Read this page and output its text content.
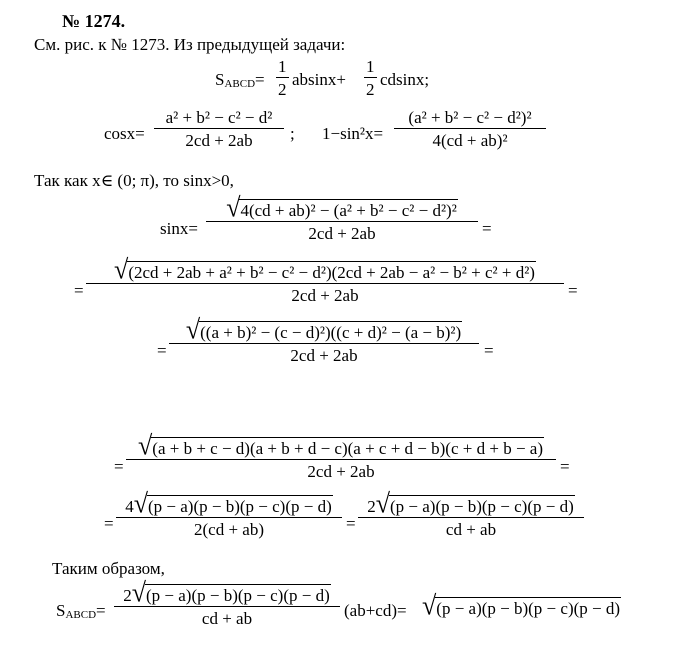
№ 1274.
См. рис. к № 1273. Из предыдущей задачи:
$S_{ABCD}=$
1
2
absinx+
1
2
cdsinx;
cosx=
a² + b² − c² − d²
2cd + 2ab	; 1−sin²x=
(a² + b² − c² − d²)²
4(cd + ab)²
Так как x∈ (0; π), то sinx>0,
sinx=
√ 4(cd + ab)² − (a² + b² − c² − d²)²
2cd + 2ab	=
=
√ (2cd + 2ab + a² + b² − c² − d²)(2cd + 2ab − a² − b² + c² + d²)
2cd + 2ab	=
=
√ ((a + b)² − (c − d)²)((c + d)² − (a − b)²)
2cd + 2ab	=
=
√ (a + b + c − d)(a + b + d − c)(a + c + d − b)(c + d + b − a)
2cd + 2ab	=
=
4 √ (p − a)(p − b)(p − c)(p − d)
2(cd + ab)	=
2 √ (p − a)(p − b)(p − c)(p − d)
cd + ab
Таким образом,
$S_{ABCD}=$
2 √ (p − a)(p − b)(p − c)(p − d)
cd + ab	(ab+cd)= √ (p − a)(p − b)(p − c)(p − d)
